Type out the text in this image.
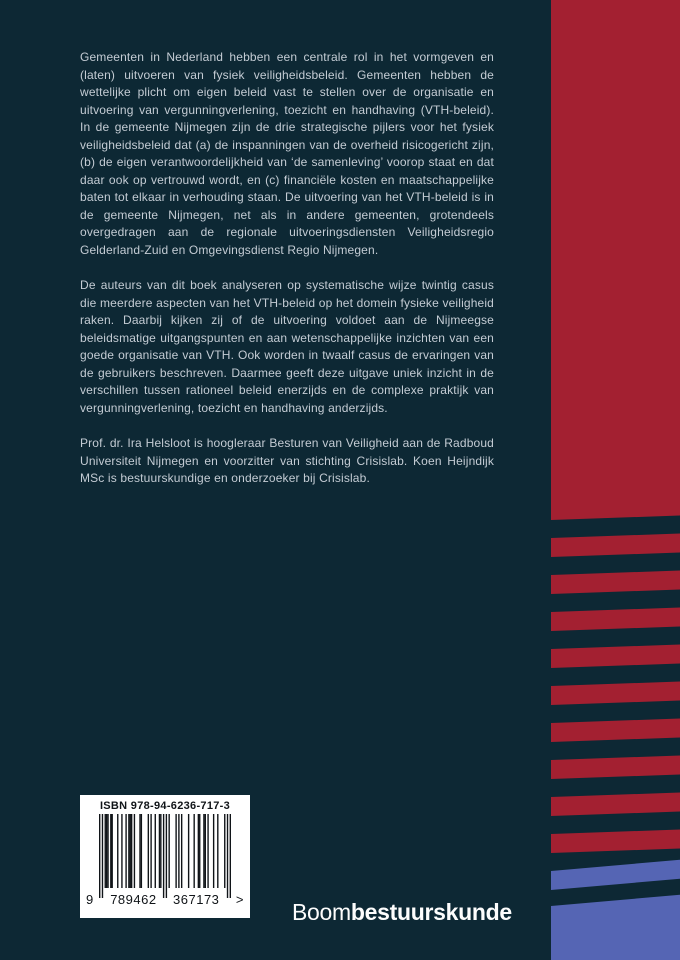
Gemeenten in Nederland hebben een centrale rol in het vormgeven en (laten) uitvoeren van fysiek veiligheidsbeleid. Gemeenten hebben de wettelijke plicht om eigen beleid vast te stellen over de organisatie en uitvoering van vergunningverlening, toezicht en handhaving (VTH-beleid). In de gemeente Nijmegen zijn de drie strategische pijlers voor het fysiek veiligheidsbeleid dat (a) de inspanningen van de overheid risicogericht zijn, (b) de eigen verantwoordelijkheid van ‘de samenleving’ voorop staat en dat daar ook op vertrouwd wordt, en (c) financiële kosten en maatschappelijke baten tot elkaar in verhouding staan. De uitvoering van het VTH-beleid is in de gemeente Nijmegen, net als in andere gemeenten, grotendeels overgedragen aan de regionale uitvoeringsdiensten Veiligheidsregio Gelderland-Zuid en Omgevingsdienst Regio Nijmegen.

De auteurs van dit boek analyseren op systematische wijze twintig casus die meerdere aspecten van het VTH-beleid op het domein fysieke veiligheid raken. Daarbij kijken zij of de uitvoering voldoet aan de Nijmeegse beleidsmatige uitgangspunten en aan wetenschappelijke inzichten van een goede organisatie van VTH. Ook worden in twaalf casus de ervaringen van de gebruikers beschreven. Daarmee geeft deze uitgave uniek inzicht in de verschillen tussen rationeel beleid enerzijds en de complexe praktijk van vergunningverlening, toezicht en handhaving anderzijds.

Prof. dr. Ira Helsloot is hoogleraar Besturen van Veiligheid aan de Radboud Universiteit Nijmegen en voorzitter van stichting Crisislab. Koen Heijndijk MSc is bestuurskundige en onderzoeker bij Crisislab.

ISBN 978-94-6236-717-3
9 789462 367173 > Boombestuurskunde
